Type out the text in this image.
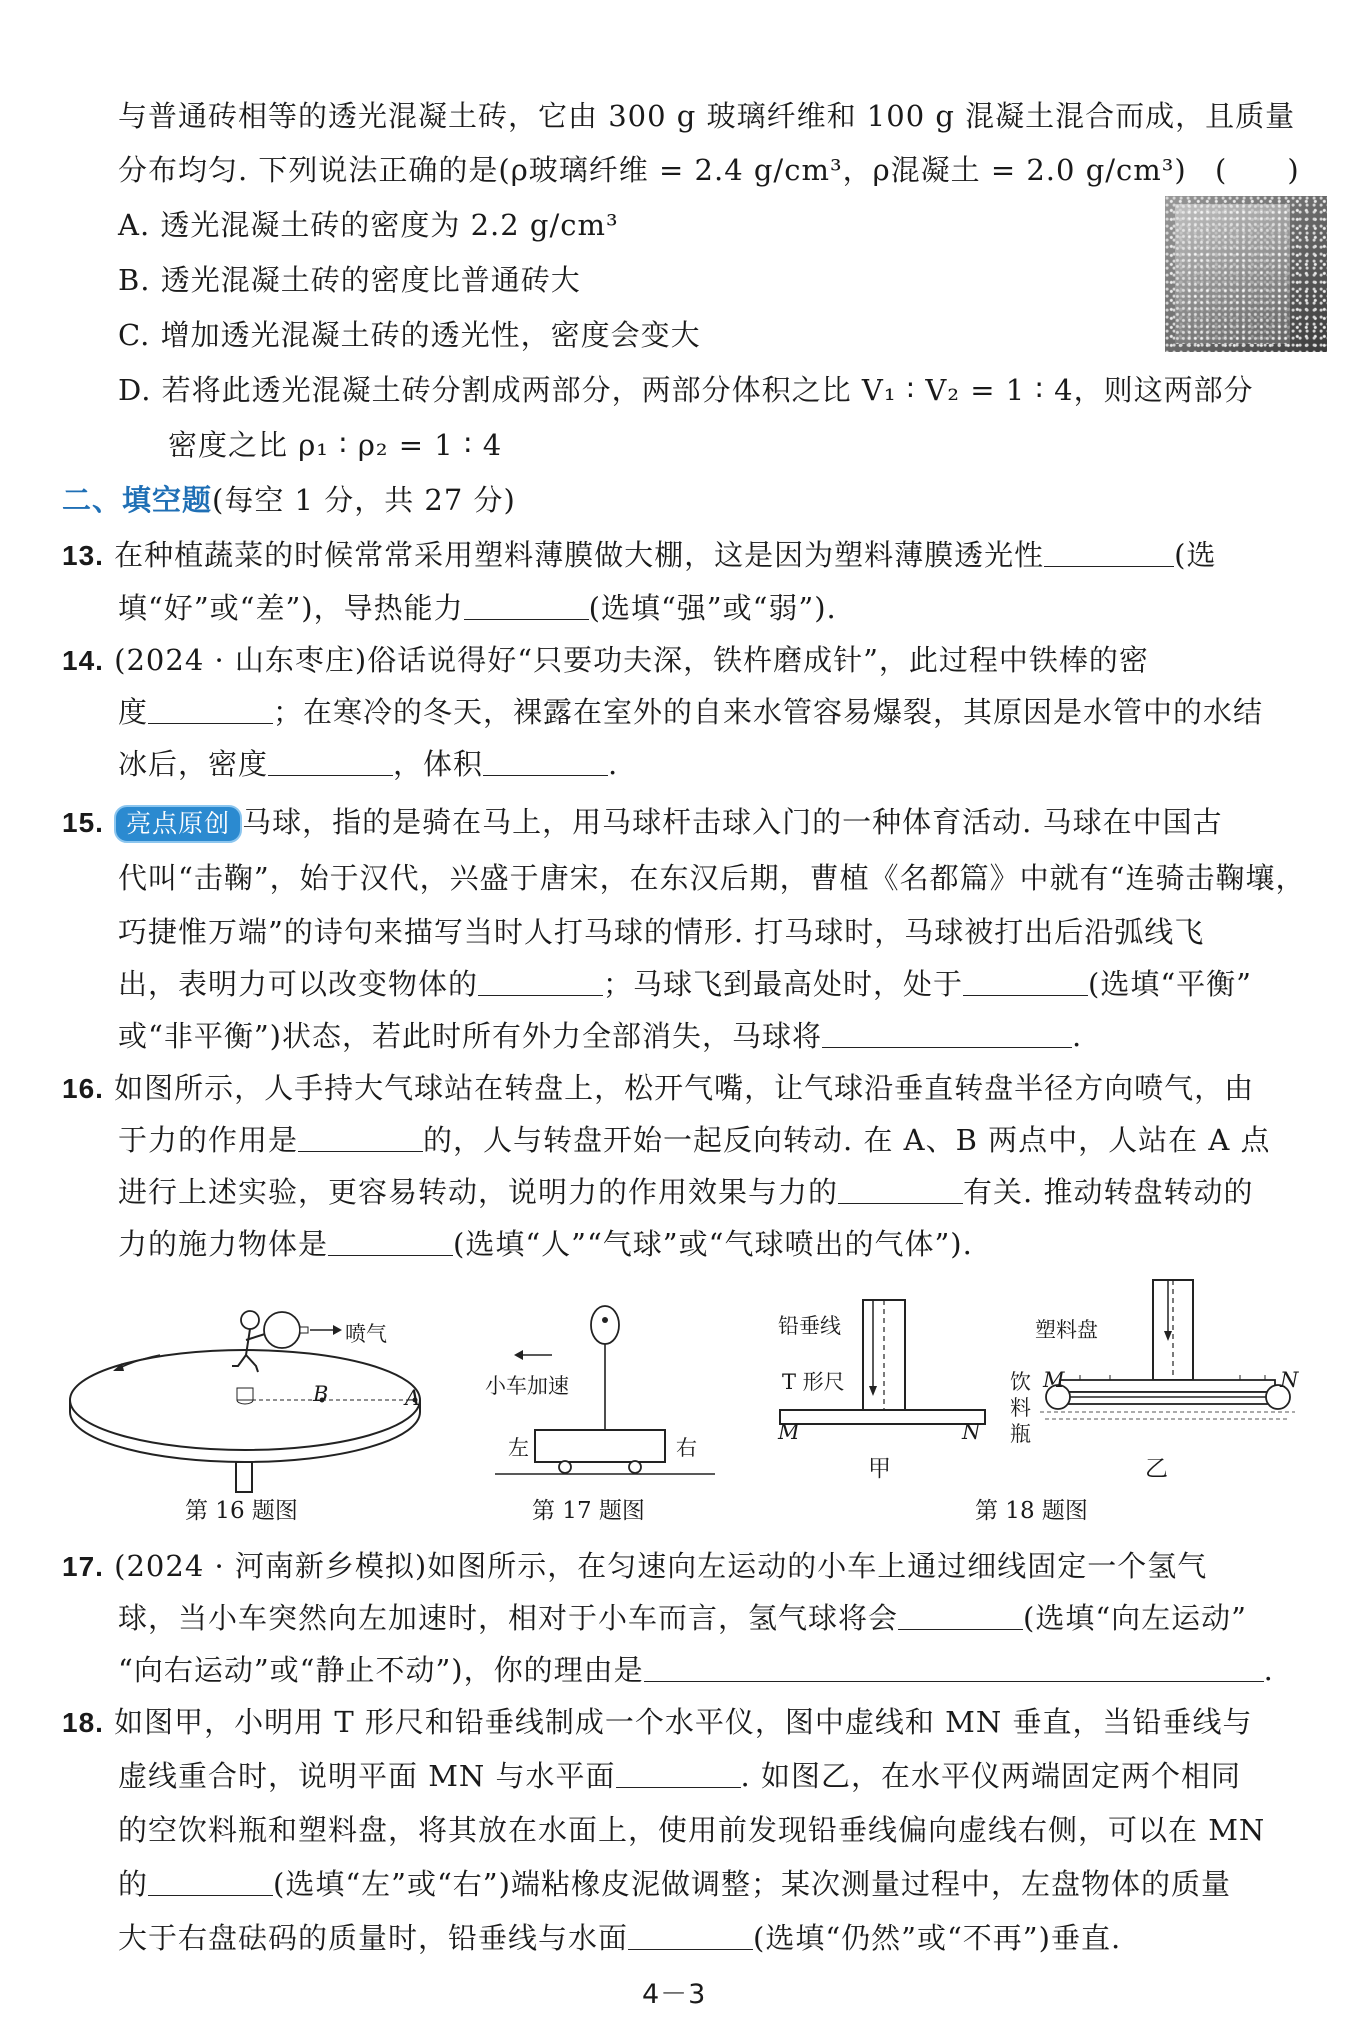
与普通砖相等的透光混凝土砖，它由 300 g 玻璃纤维和 100 g 混凝土混合而成，且质量
分布均匀. 下列说法正确的是(ρ玻璃纤维 = 2.4 g/cm³，ρ混凝土 = 2.0 g/cm³) (　　)
A. 透光混凝土砖的密度为 2.2 g/cm³
B. 透光混凝土砖的密度比普通砖大
C. 增加透光混凝土砖的透光性，密度会变大
D. 若将此透光混凝土砖分割成两部分，两部分体积之比 V₁ ∶ V₂ = 1 ∶ 4，则这两部分
密度之比 ρ₁ ∶ ρ₂ = 1 ∶ 4
二、填空题(每空 1 分，共 27 分)
13. 在种植蔬菜的时候常常采用塑料薄膜做大棚，这是因为塑料薄膜透光性	(选
填“好”或“差”)，导热能力	(选填“强”或“弱”).
14. (2024 · 山东枣庄)俗话说得好“只要功夫深，铁杵磨成针”，此过程中铁棒的密
度	；在寒冷的冬天，裸露在室外的自来水管容易爆裂，其原因是水管中的水结
冰后，密度	，体积	.
15. 亮点原创 马球，指的是骑在马上，用马球杆击球入门的一种体育活动. 马球在中国古
代叫“击鞠”，始于汉代，兴盛于唐宋，在东汉后期，曹植《名都篇》中就有“连骑击鞠壤，
巧捷惟万端”的诗句来描写当时人打马球的情形. 打马球时，马球被打出后沿弧线飞
出，表明力可以改变物体的	；马球飞到最高处时，处于	(选填“平衡”
或“非平衡”)状态，若此时所有外力全部消失，马球将	.
16. 如图所示，人手持大气球站在转盘上，松开气嘴，让气球沿垂直转盘半径方向喷气，由
于力的作用是	的，人与转盘开始一起反向转动. 在 A、B 两点中，人站在 A 点
进行上述实验，更容易转动，说明力的作用效果与力的	有关. 推动转盘转动的
力的施力物体是	(选填“人”“气球”或“气球喷出的气体”).
喷气
B	A
第 16 题图
小车加速
左	右
第 17 题图
铅垂线
T 形尺
M	N
甲
塑料盘
饮
料
瓶
M	N
乙
第 18 题图
17. (2024 · 河南新乡模拟)如图所示，在匀速向左运动的小车上通过细线固定一个氢气
球，当小车突然向左加速时，相对于小车而言，氢气球将会	(选填“向左运动”
“向右运动”或“静止不动”)，你的理由是	.
18. 如图甲，小明用 T 形尺和铅垂线制成一个水平仪，图中虚线和 MN 垂直，当铅垂线与
虚线重合时，说明平面 MN 与水平面	. 如图乙，在水平仪两端固定两个相同
的空饮料瓶和塑料盘，将其放在水面上，使用前发现铅垂线偏向虚线右侧，可以在 MN
的	(选填“左”或“右”)端粘橡皮泥做调整；某次测量过程中，左盘物体的质量
大于右盘砝码的质量时，铅垂线与水面	(选填“仍然”或“不再”)垂直.
4－3
